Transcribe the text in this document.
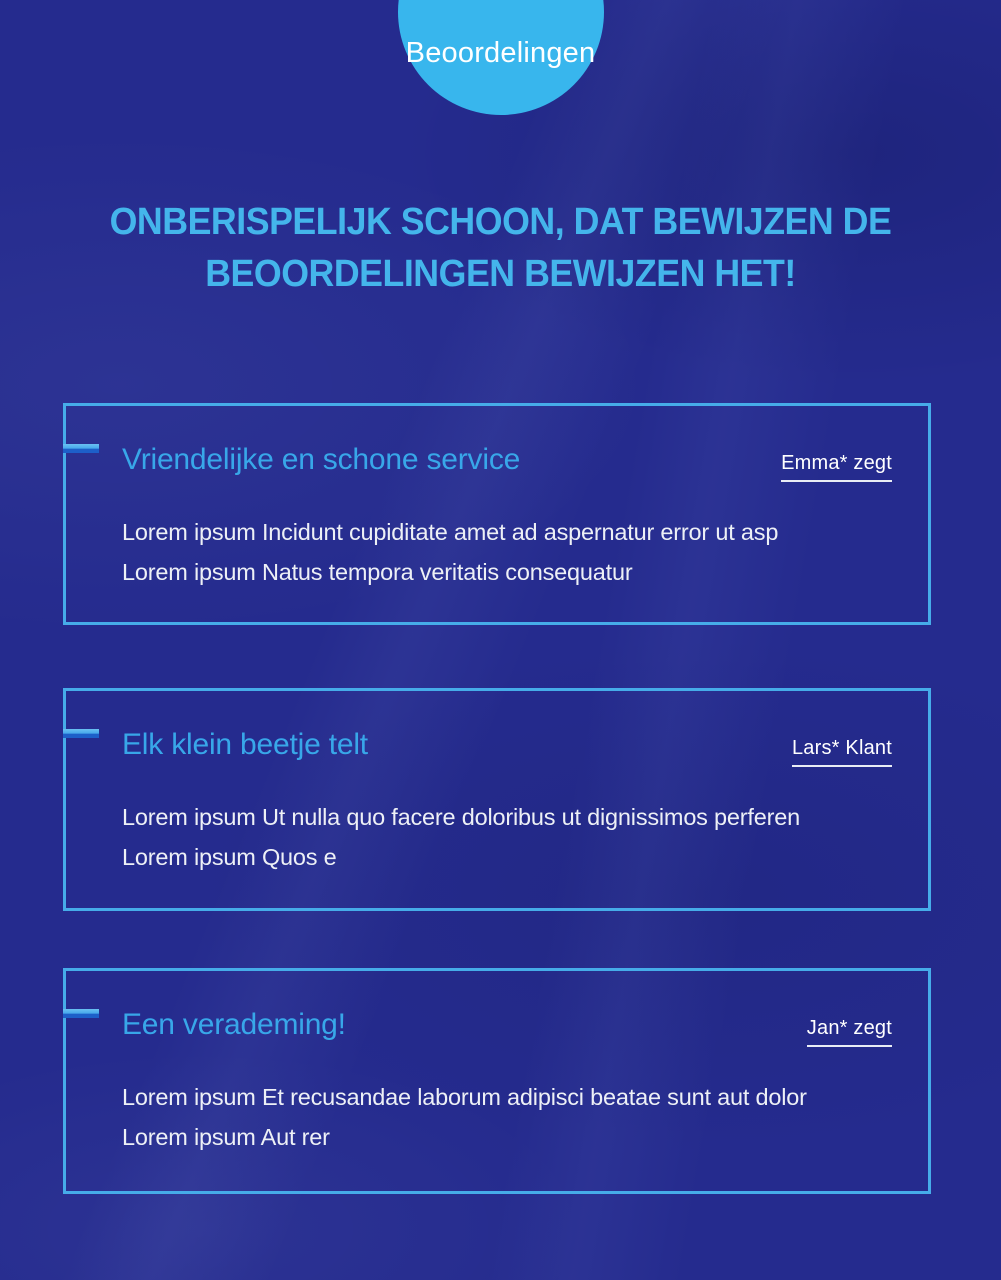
Beoordelingen
ONBERISPELIJK SCHOON, DAT BEWIJZEN DE
BEOORDELINGEN BEWIJZEN HET!
Vriendelijke en schone service	Emma* zegt
Lorem ipsum Incidunt cupiditate amet ad aspernatur error ut asp
Lorem ipsum Natus tempora veritatis consequatur
Elk klein beetje telt	Lars* Klant
Lorem ipsum Ut nulla quo facere doloribus ut dignissimos perferen
Lorem ipsum Quos e
Een verademing!	Jan* zegt
Lorem ipsum Et recusandae laborum adipisci beatae sunt aut dolor
Lorem ipsum Aut rer
